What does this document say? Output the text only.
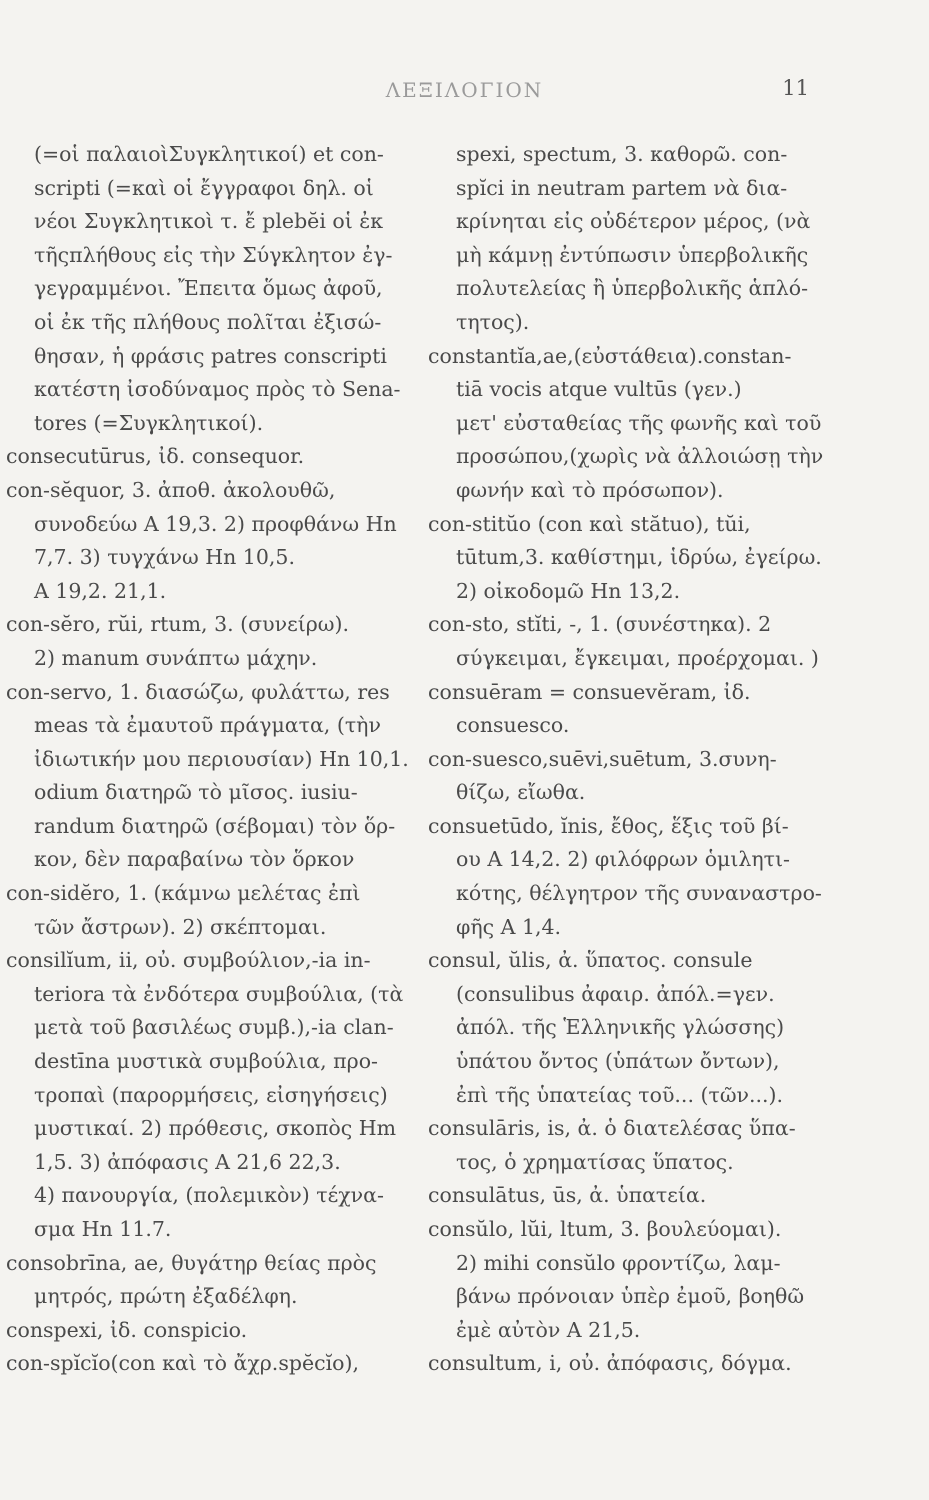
ΛΕΞΙΛΟΓΙΟΝ	11
(=οἱ παλαιοὶΣυγκλητικοί) et con-
scripti (=καὶ οἱ ἔγγραφοι δηλ. οἱ
νέοι Συγκλητικοὶ τ. ἔ plebĕi οἱ ἐκ
τῆςπλήθους εἰς τὴν Σύγκλητον ἐγ-
γεγραμμένοι. Ἔπειτα ὅμως ἀφοῦ,
οἱ ἐκ τῆς πλήθους πολῖται ἐξισώ-
θησαν, ἡ φράσις patres conscripti
κατέστη ἰσοδύναμος πρὸς τὸ Sena-
tores (=Συγκλητικοί).
consecutūrus, ἰδ. consequor.
con-sĕquor, 3. ἀποθ. ἀκολουθῶ,
συνοδεύω Α 19,3. 2) προφθάνω Ηn
7,7. 3) τυγχάνω Ηn 10,5.
Α 19,2. 21,1.
con-sĕro, rŭi, rtum, 3. (συνείρω).
2) manum συνάπτω μάχην.
con-servo, 1. διασώζω, φυλάττω, res
meas τὰ ἐμαυτοῦ πράγματα, (τὴν
ἰδιωτικήν μου περιουσίαν) Ηn 10,1.
odium διατηρῶ τὸ μῖσος. iusiu-
randum διατηρῶ (σέβομαι) τὸν ὅρ-
κον, δὲν παραβαίνω τὸν ὅρκον
con-sidĕro, 1. (κάμνω μελέτας ἐπὶ
τῶν ἄστρων). 2) σκέπτομαι.
consilĭum, ii, οὐ. συμβούλιον,-ia in-
teriora τὰ ἐνδότερα συμβούλια, (τὰ
μετὰ τοῦ βασιλέως συμβ.),-ia clan-
destīna μυστικὰ συμβούλια, προ-
τροπαὶ (παρορμήσεις, εἰσηγήσεις)
μυστικαί. 2) πρόθεσις, σκοπὸς Ηm
1,5. 3) ἀπόφασις Α 21,6 22,3.
4) πανουργία, (πολεμικὸν) τέχνα-
σμα Ηn 11.7.
consobrīna, ae, θυγάτηρ θείας πρὸς
μητρός, πρώτη ἐξαδέλφη.
conspexi, ἰδ. conspicio.
con-spĭcĭo(con καὶ τὸ ἄχρ.spĕcĭo),
spexi, spectum, 3. καθορῶ. con-
spĭci in neutram partem νὰ δια-
κρίνηται εἰς οὐδέτερον μέρος, (νὰ
μὴ κάμνῃ ἐντύπωσιν ὑπερβολικῆς
πολυτελείας ἢ ὑπερβολικῆς ἁπλό-
τητος).
constantĭa,ae,(εὐστάθεια).constan-
tiā vocis atque vultūs (γεν.)
μετ' εὐσταθείας τῆς φωνῆς καὶ τοῦ
προσώπου,(χωρὶς νὰ ἀλλοιώσῃ τὴν
φωνήν καὶ τὸ πρόσωπον).
con-stitŭo (con καὶ stătuo), tŭi,
tūtum,3. καθίστημι, ἱδρύω, ἐγείρω.
2) οἰκοδομῶ Ηn 13,2.
con-sto, stĭti, -, 1. (συνέστηκα). 2
σύγκειμαι, ἔγκειμαι, προέρχομαι. )
consuēram = consuevĕram, ἰδ.
consuesco.
con-suesco,suēvi,suētum, 3.συνη-
θίζω, εἴωθα.
consuetūdo, ĭnis, ἔθος, ἕξις τοῦ βί-
ου Α 14,2. 2) φιλόφρων ὁμιλητι-
κότης, θέλγητρον τῆς συναναστρο-
φῆς Α 1,4.
consul, ŭlis, ἀ. ὕπατος. consule
(consulibus ἀφαιρ. ἀπόλ.=γεν.
ἀπόλ. τῆς Ἑλληνικῆς γλώσσης)
ὑπάτου ὄντος (ὑπάτων ὄντων),
ἐπὶ τῆς ὑπατείας τοῦ... (τῶν...).
consulāris, is, ἀ. ὁ διατελέσας ὕπα-
τος, ὁ χρηματίσας ὕπατος.
consulātus, ūs, ἀ. ὑπατεία.
consŭlo, lŭi, ltum, 3. βουλεύομαι).
2) mihi consŭlo φροντίζω, λαμ-
βάνω πρόνοιαν ὑπὲρ ἐμοῦ, βοηθῶ
ἐμὲ αὐτὸν Α 21,5.
consultum, i, οὐ. ἀπόφασις, δόγμα.
